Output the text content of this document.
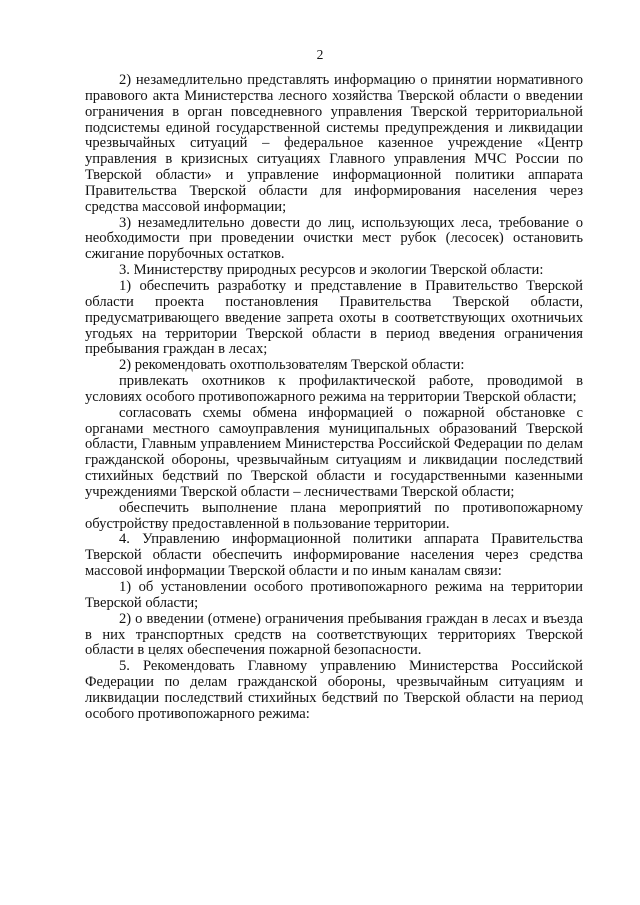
2

2) незамедлительно представлять информацию о принятии нормативного правового акта Министерства лесного хозяйства Тверской области о введении ограничения в орган повседневного управления Тверской территориальной подсистемы единой государственной системы предупреждения и ликвидации чрезвычайных ситуаций – федеральное казенное учреждение «Центр управления в кризисных ситуациях Главного управления МЧС России по Тверской области» и управление информационной политики аппарата Правительства Тверской области для информирования населения через средства массовой информации;

3) незамедлительно довести до лиц, использующих леса, требование о необходимости при проведении очистки мест рубок (лесосек) остановить сжигание порубочных остатков.

3. Министерству природных ресурсов и экологии Тверской области:

1) обеспечить разработку и представление в Правительство Тверской области проекта постановления Правительства Тверской области, предусматривающего введение запрета охоты в соответствующих охотничьих угодьях на территории Тверской области в период введения ограничения пребывания граждан в лесах;

2) рекомендовать охотпользователям Тверской области:

привлекать охотников к профилактической работе, проводимой в условиях особого противопожарного режима на территории Тверской области;

согласовать схемы обмена информацией о пожарной обстановке с органами местного самоуправления муниципальных образований Тверской области, Главным управлением Министерства Российской Федерации по делам гражданской обороны, чрезвычайным ситуациям и ликвидации последствий стихийных бедствий по Тверской области и государственными казенными учреждениями Тверской области – лесничествами Тверской области;

обеспечить выполнение плана мероприятий по противопожарному обустройству предоставленной в пользование территории.

4. Управлению информационной политики аппарата Правительства Тверской области обеспечить информирование населения через средства массовой информации Тверской области и по иным каналам связи:

1) об установлении особого противопожарного режима на территории Тверской области;

2) о введении (отмене) ограничения пребывания граждан в лесах и въезда в них транспортных средств на соответствующих территориях Тверской области в целях обеспечения пожарной безопасности.

5. Рекомендовать Главному управлению Министерства Российской Федерации по делам гражданской обороны, чрезвычайным ситуациям и ликвидации последствий стихийных бедствий по Тверской области на период особого противопожарного режима:
